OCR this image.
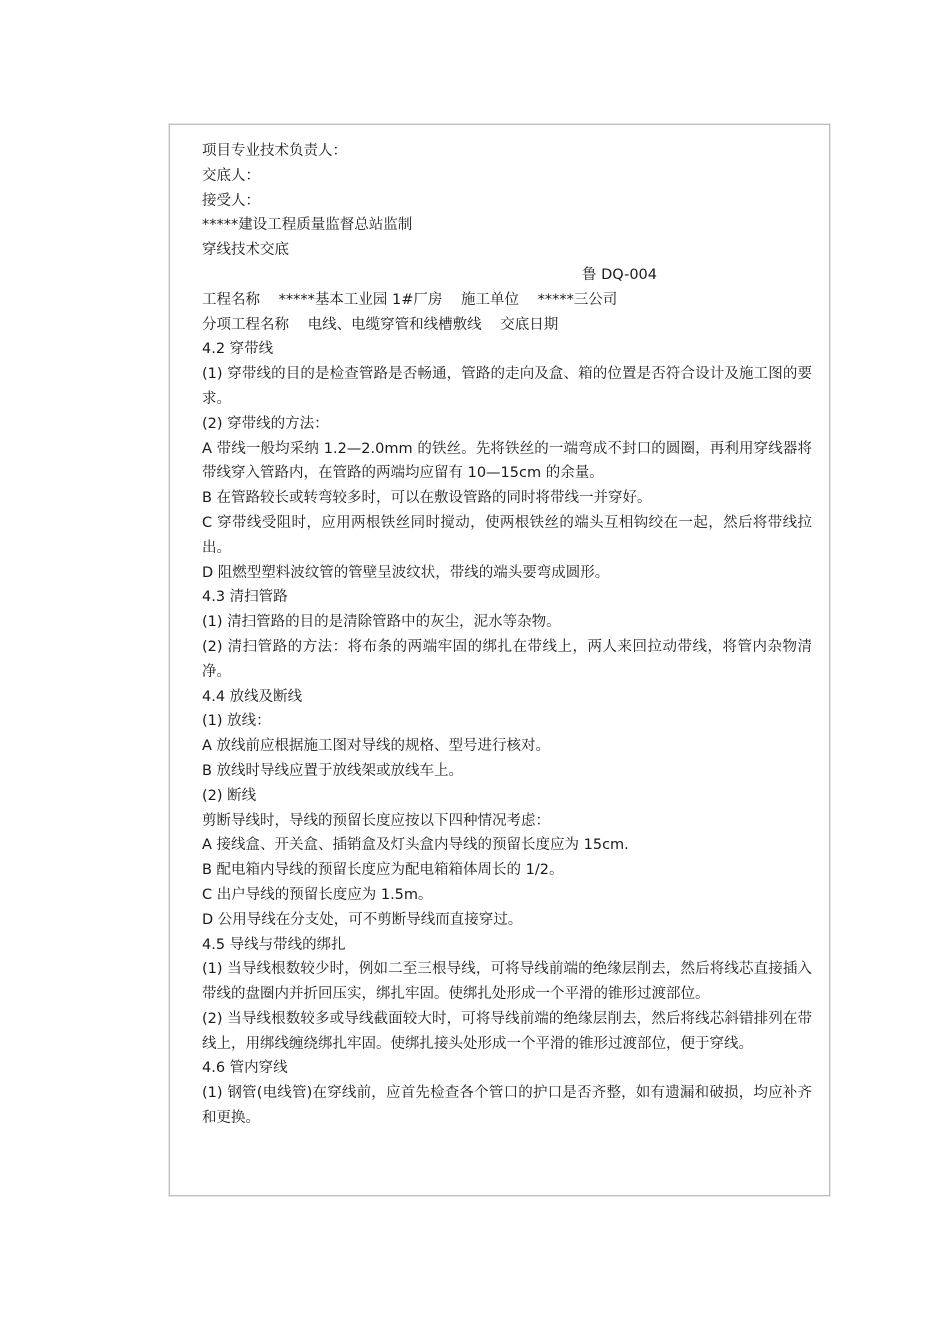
项目专业技术负责人：
交底人：
接受人：
*****建设工程质量监督总站监制
穿线技术交底
鲁 DQ-004
工程名称 *****基本工业园 1#厂房 施工单位 *****三公司
分项工程名称 电线、电缆穿管和线槽敷线 交底日期
4.2 穿带线
(1) 穿带线的目的是检查管路是否畅通，管路的走向及盒、箱的位置是否符合设计及施工图的要求。
(2) 穿带线的方法：
A 带线一般均采纳 1.2—2.0mm 的铁丝。先将铁丝的一端弯成不封口的圆圈，再利用穿线器将带线穿入管路内，在管路的两端均应留有 10—15cm 的余量。
B 在管路较长或转弯较多时，可以在敷设管路的同时将带线一并穿好。
C 穿带线受阻时，应用两根铁丝同时搅动，使两根铁丝的端头互相钩绞在一起，然后将带线拉出。
D 阻燃型塑料波纹管的管壁呈波纹状，带线的端头要弯成圆形。
4.3 清扫管路
(1) 清扫管路的目的是清除管路中的灰尘，泥水等杂物。
(2) 清扫管路的方法：将布条的两端牢固的绑扎在带线上，两人来回拉动带线，将管内杂物清净。
4.4 放线及断线
(1) 放线：
A 放线前应根据施工图对导线的规格、型号进行核对。
B 放线时导线应置于放线架或放线车上。
(2) 断线
剪断导线时，导线的预留长度应按以下四种情况考虑：
A 接线盒、开关盒、插销盒及灯头盒内导线的预留长度应为 15cm.
B 配电箱内导线的预留长度应为配电箱箱体周长的 1/2。
C 出户导线的预留长度应为 1.5m。
D 公用导线在分支处，可不剪断导线而直接穿过。
4.5 导线与带线的绑扎
(1) 当导线根数较少时，例如二至三根导线，可将导线前端的绝缘层削去，然后将线芯直接插入带线的盘圈内并折回压实，绑扎牢固。使绑扎处形成一个平滑的锥形过渡部位。
(2) 当导线根数较多或导线截面较大时，可将导线前端的绝缘层削去，然后将线芯斜错排列在带线上，用绑线缠绕绑扎牢固。使绑扎接头处形成一个平滑的锥形过渡部位，便于穿线。
4.6 管内穿线
(1) 钢管(电线管)在穿线前，应首先检查各个管口的护口是否齐整，如有遗漏和破损，均应补齐和更换。
